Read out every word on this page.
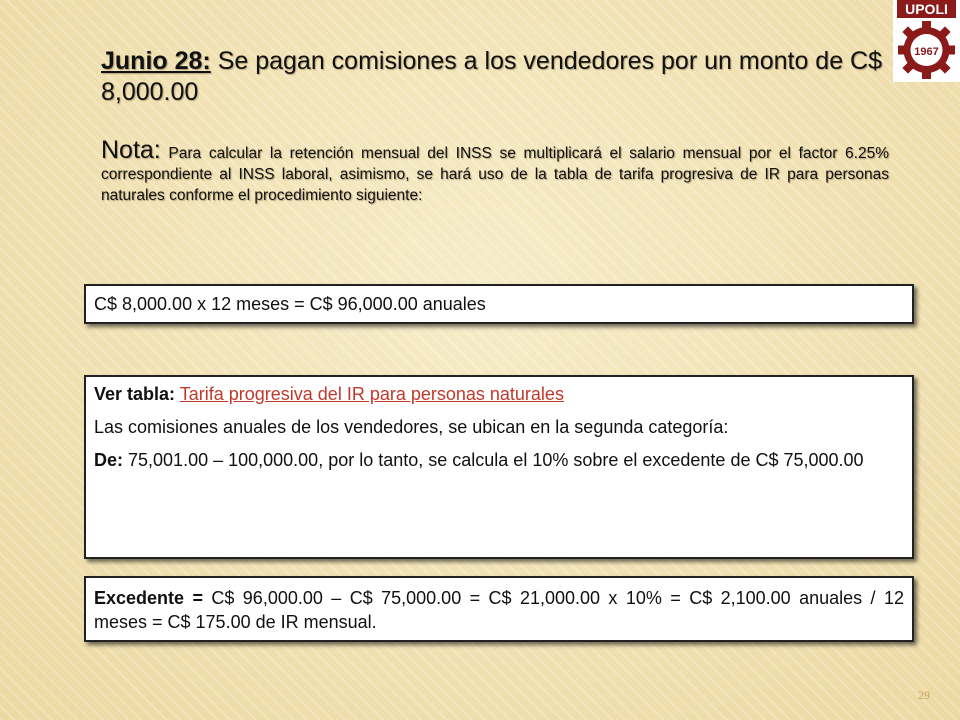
UPOLI
1967
Junio 28: Se pagan comisiones a los vendedores por un monto de C$ 8,000.00
Nota: Para calcular la retención mensual del INSS se multiplicará el salario mensual por el factor 6.25% correspondiente al INSS laboral, asimismo, se hará uso de la tabla de tarifa progresiva de IR para personas naturales conforme el procedimiento siguiente:
C$ 8,000.00 x 12 meses = C$ 96,000.00 anuales

Ver tabla: Tarifa progresiva del IR para personas naturales

Las comisiones anuales de los vendedores, se ubican en la segunda categoría:

De: 75,001.00 – 100,000.00, por lo tanto, se calcula el 10% sobre el excedente de C$ 75,000.00

Excedente = C$ 96,000.00 – C$ 75,000.00 = C$ 21,000.00 x 10% = C$ 2,100.00 anuales / 12 meses = C$ 175.00 de IR mensual.
29
